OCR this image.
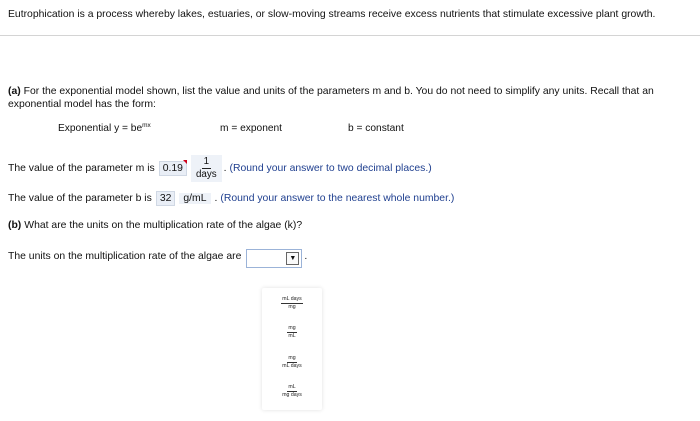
Eutrophication is a process whereby lakes, estuaries, or slow-moving streams receive excess nutrients that stimulate excessive plant growth.
(a) For the exponential model shown, list the value and units of the parameters m and b. You do not need to simplify any units. Recall that an exponential model has the form:
Exponential $y = be^{mx}$	m = exponent	b = constant
The value of the parameter m is $0.19 \frac{1}{\text{days}}$ . (Round your answer to two decimal places.)
The value of the parameter b is 32	g/mL . (Round your answer to the nearest whole number.)
(b) What are the units on the multiplication rate of the algae (k)?
The units on the multiplication rate of the algae are	▼ .
$\frac{\text{mL days}}{mg}$
$\frac{mg}{mL}$
$\frac{mg}{\text{mL days}}$
$\frac{mL}{\text{mg days}}$
